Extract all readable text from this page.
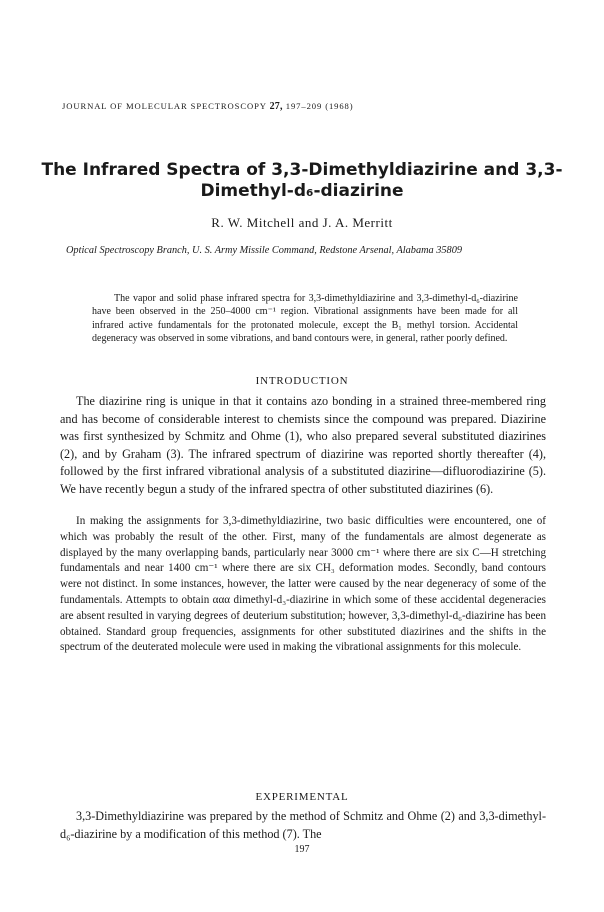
JOURNAL OF MOLECULAR SPECTROSCOPY 27, 197–209 (1968)
The Infrared Spectra of 3,3-Dimethyldiazirine and 3,3-Dimethyl-d₆-diazirine
R. W. Mitchell and J. A. Merritt
Optical Spectroscopy Branch, U. S. Army Missile Command, Redstone Arsenal, Alabama 35809

The vapor and solid phase infrared spectra for 3,3-dimethyldiazirine and 3,3-dimethyl-d₆-diazirine have been observed in the 250–4000 cm⁻¹ region. Vibrational assignments have been made for all infrared active fundamentals for the protonated molecule, except the B₁ methyl torsion. Accidental degeneracy was observed in some vibrations, and band contours were, in general, rather poorly defined.

INTRODUCTION

The diazirine ring is unique in that it contains azo bonding in a strained three-membered ring and has become of considerable interest to chemists since the compound was prepared. Diazirine was first synthesized by Schmitz and Ohme (1), who also prepared several substituted diazirines (2), and by Graham (3). The infrared spectrum of diazirine was reported shortly thereafter (4), followed by the first infrared vibrational analysis of a substituted diazirine—difluorodiazirine (5). We have recently begun a study of the infrared spectra of other substituted diazirines (6).

In making the assignments for 3,3-dimethyldiazirine, two basic difficulties were encountered, one of which was probably the result of the other. First, many of the fundamentals are almost degenerate as displayed by the many overlapping bands, particularly near 3000 cm⁻¹ where there are six C—H stretching fundamentals and near 1400 cm⁻¹ where there are six CH₃ deformation modes. Secondly, band contours were not distinct. In some instances, however, the latter were caused by the near degeneracy of some of the fundamentals. Attempts to obtain ααα dimethyl-d₃-diazirine in which some of these accidental degeneracies are absent resulted in varying degrees of deuterium substitution; however, 3,3-dimethyl-d₆-diazirine has been obtained. Standard group frequencies, assignments for other substituted diazirines and the shifts in the spectrum of the deuterated molecule were used in making the vibrational assignments for this molecule.

EXPERIMENTAL

3,3-Dimethyldiazirine was prepared by the method of Schmitz and Ohme (2) and 3,3-dimethyl-d₆-diazirine by a modification of this method (7). The

197
